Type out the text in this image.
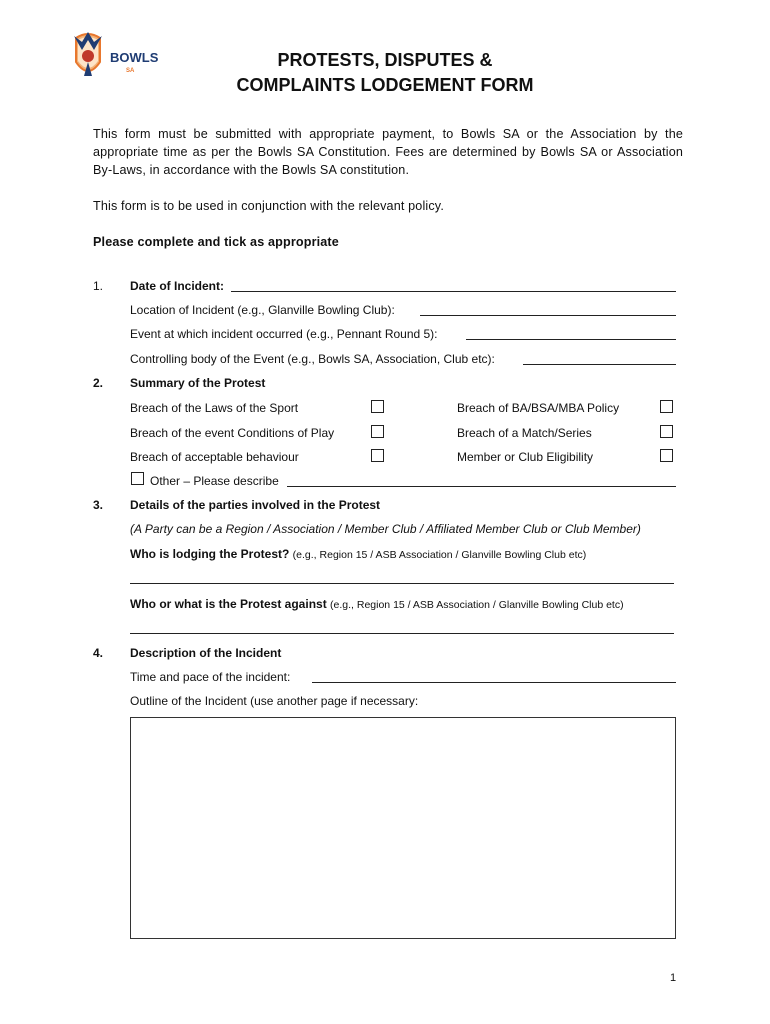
BOWLS
SA
PROTESTS, DISPUTES &
COMPLAINTS LODGEMENT FORM
This form must be submitted with appropriate payment, to Bowls SA or the Association by the appropriate time as per the Bowls SA Constitution. Fees are determined by Bowls SA or Association By-Laws, in accordance with the Bowls SA constitution.
This form is to be used in conjunction with the relevant policy.
Please complete and tick as appropriate
1. Date of Incident:
Location of Incident (e.g., Glanville Bowling Club):
Event at which incident occurred (e.g., Pennant Round 5):
Controlling body of the Event (e.g., Bowls SA, Association, Club etc):
2. Summary of the Protest
Breach of the Laws of the Sport	Breach of BA/BSA/MBA Policy
Breach of the event Conditions of Play	Breach of a Match/Series
Breach of acceptable behaviour	Member or Club Eligibility
Other – Please describe
3. Details of the parties involved in the Protest
(A Party can be a Region / Association / Member Club / Affiliated Member Club or Club Member)
Who is lodging the Protest? (e.g., Region 15 / ASB Association / Glanville Bowling Club etc)
Who or what is the Protest against (e.g., Region 15 / ASB Association / Glanville Bowling Club etc)
4. Description of the Incident
Time and pace of the incident:
Outline of the Incident (use another page if necessary:
1
